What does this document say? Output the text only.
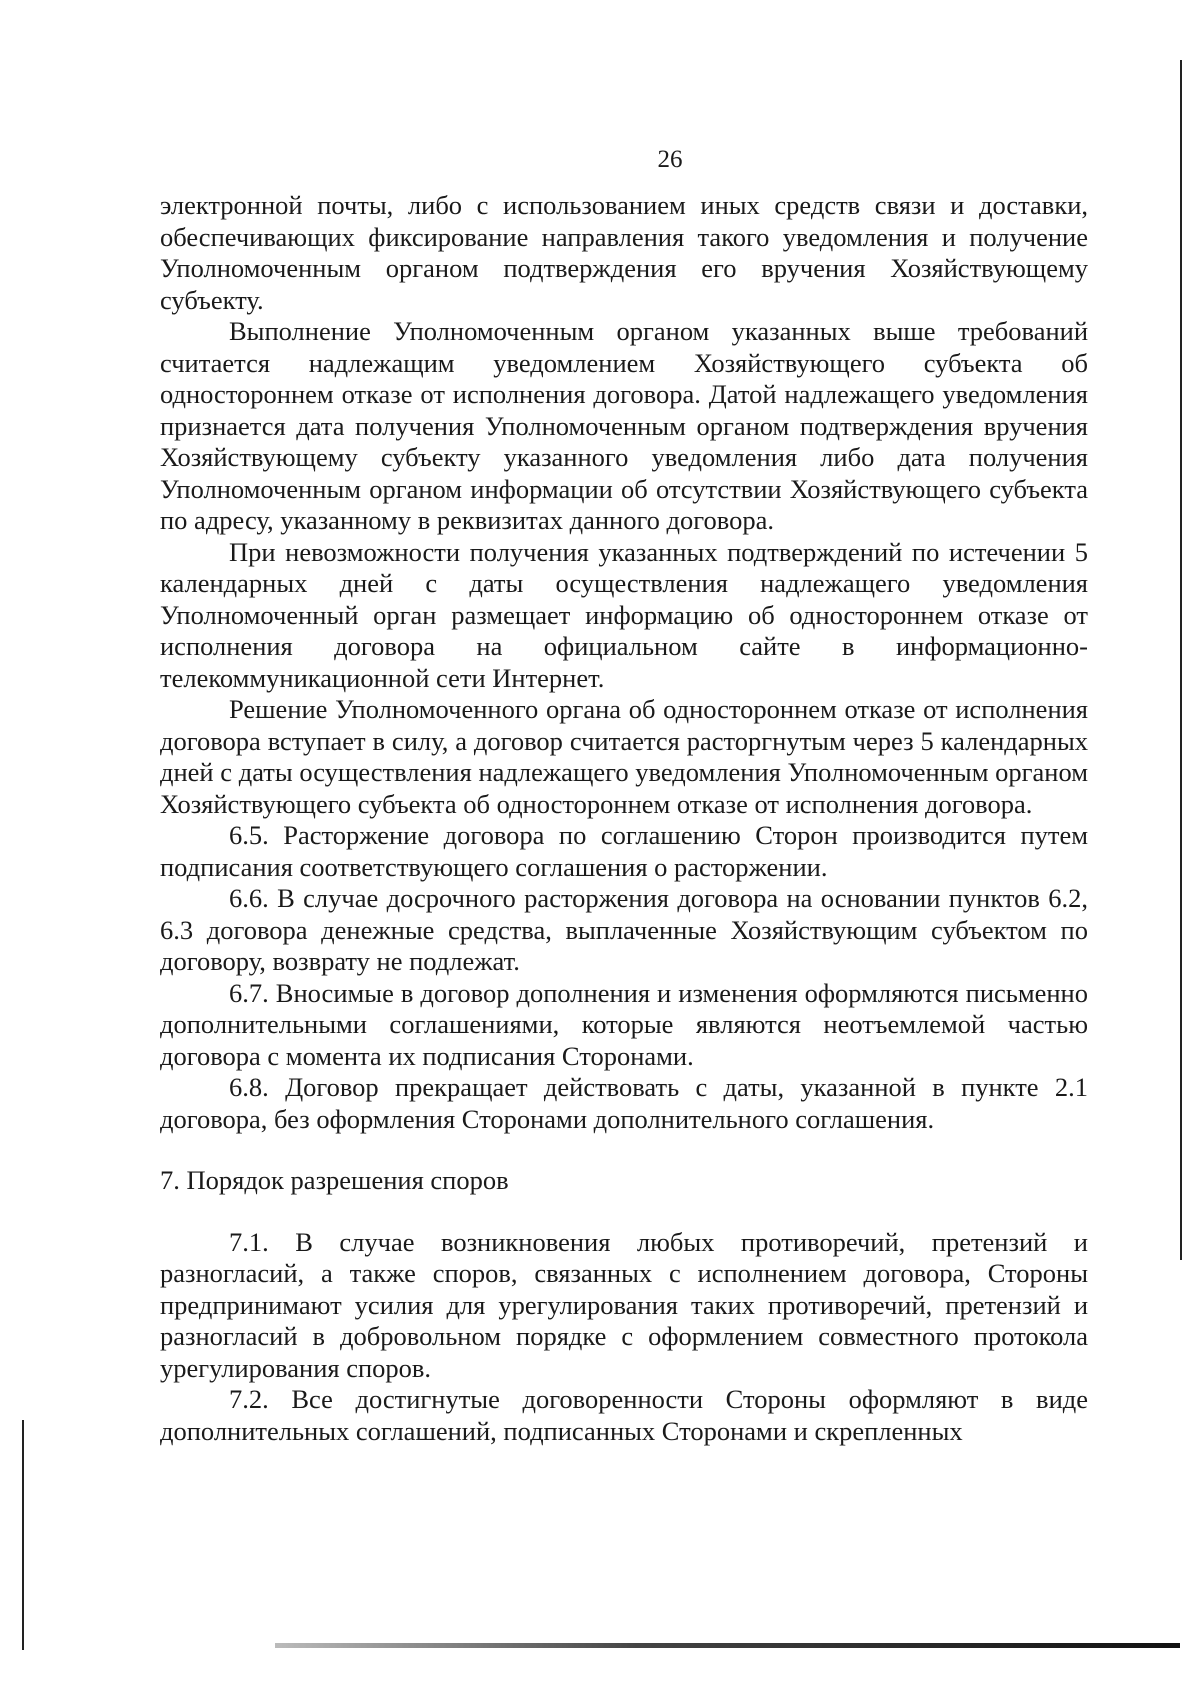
26

электронной почты, либо с использованием иных средств связи и доставки, обеспечивающих фиксирование направления такого уведомления и получение Уполномоченным органом подтверждения его вручения Хозяйствующему субъекту.

Выполнение Уполномоченным органом указанных выше требований считается надлежащим уведомлением Хозяйствующего субъекта об одностороннем отказе от исполнения договора. Датой надлежащего уведомления признается дата получения Уполномоченным органом подтверждения вручения Хозяйствующему субъекту указанного уведомления либо дата получения Уполномоченным органом информации об отсутствии Хозяйствующего субъекта по адресу, указанному в реквизитах данного договора.

При невозможности получения указанных подтверждений по истечении 5 календарных дней с даты осуществления надлежащего уведомления Уполномоченный орган размещает информацию об одностороннем отказе от исполнения договора на официальном сайте в информационно-телекоммуникационной сети Интернет.

Решение Уполномоченного органа об одностороннем отказе от исполнения договора вступает в силу, а договор считается расторгнутым через 5 календарных дней с даты осуществления надлежащего уведомления Уполномоченным органом Хозяйствующего субъекта об одностороннем отказе от исполнения договора.

6.5. Расторжение договора по соглашению Сторон производится путем подписания соответствующего соглашения о расторжении.

6.6. В случае досрочного расторжения договора на основании пунктов 6.2, 6.3 договора денежные средства, выплаченные Хозяйствующим субъектом по договору, возврату не подлежат.

6.7. Вносимые в договор дополнения и изменения оформляются письменно дополнительными соглашениями, которые являются неотъемлемой частью договора с момента их подписания Сторонами.

6.8. Договор прекращает действовать с даты, указанной в пункте 2.1 договора, без оформления Сторонами дополнительного соглашения.

7. Порядок разрешения споров

7.1. В случае возникновения любых противоречий, претензий и разногласий, а также споров, связанных с исполнением договора, Стороны предпринимают усилия для урегулирования таких противоречий, претензий и разногласий в добровольном порядке с оформлением совместного протокола урегулирования споров.

7.2. Все достигнутые договоренности Стороны оформляют в виде дополнительных соглашений, подписанных Сторонами и скрепленных
